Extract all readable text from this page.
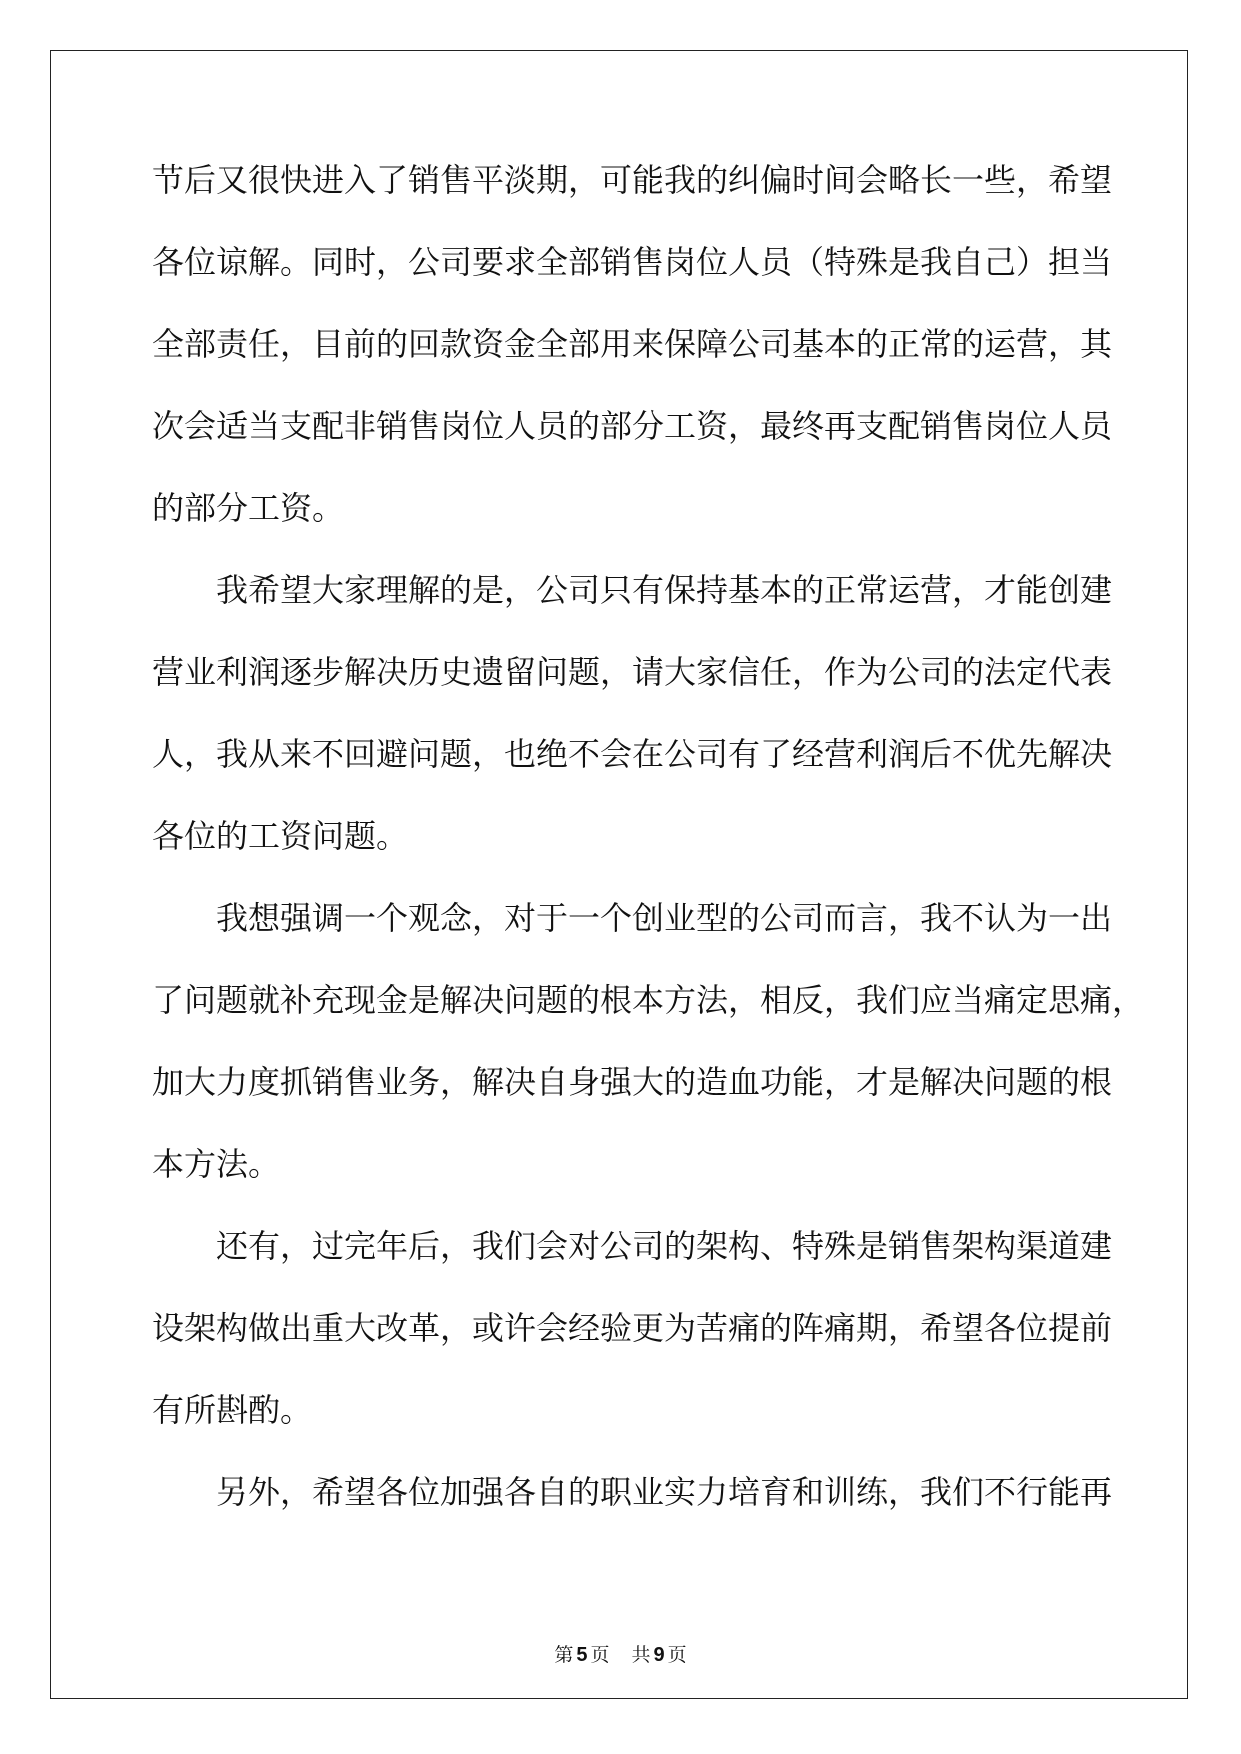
节后又很快进入了销售平淡期，可能我的纠偏时间会略长一些，希望
各位谅解。同时，公司要求全部销售岗位人员（特殊是我自己）担当
全部责任，目前的回款资金全部用来保障公司基本的正常的运营，其
次会适当支配非销售岗位人员的部分工资，最终再支配销售岗位人员
的部分工资。
我希望大家理解的是，公司只有保持基本的正常运营，才能创建
营业利润逐步解决历史遗留问题，请大家信任，作为公司的法定代表
人，我从来不回避问题，也绝不会在公司有了经营利润后不优先解决
各位的工资问题。
我想强调一个观念，对于一个创业型的公司而言，我不认为一出
了问题就补充现金是解决问题的根本方法，相反，我们应当痛定思痛，
加大力度抓销售业务，解决自身强大的造血功能，才是解决问题的根
本方法。
还有，过完年后，我们会对公司的架构、特殊是销售架构渠道建
设架构做出重大改革，或许会经验更为苦痛的阵痛期，希望各位提前
有所斟酌。
另外，希望各位加强各自的职业实力培育和训练，我们不行能再
第 5 页 共 9 页
